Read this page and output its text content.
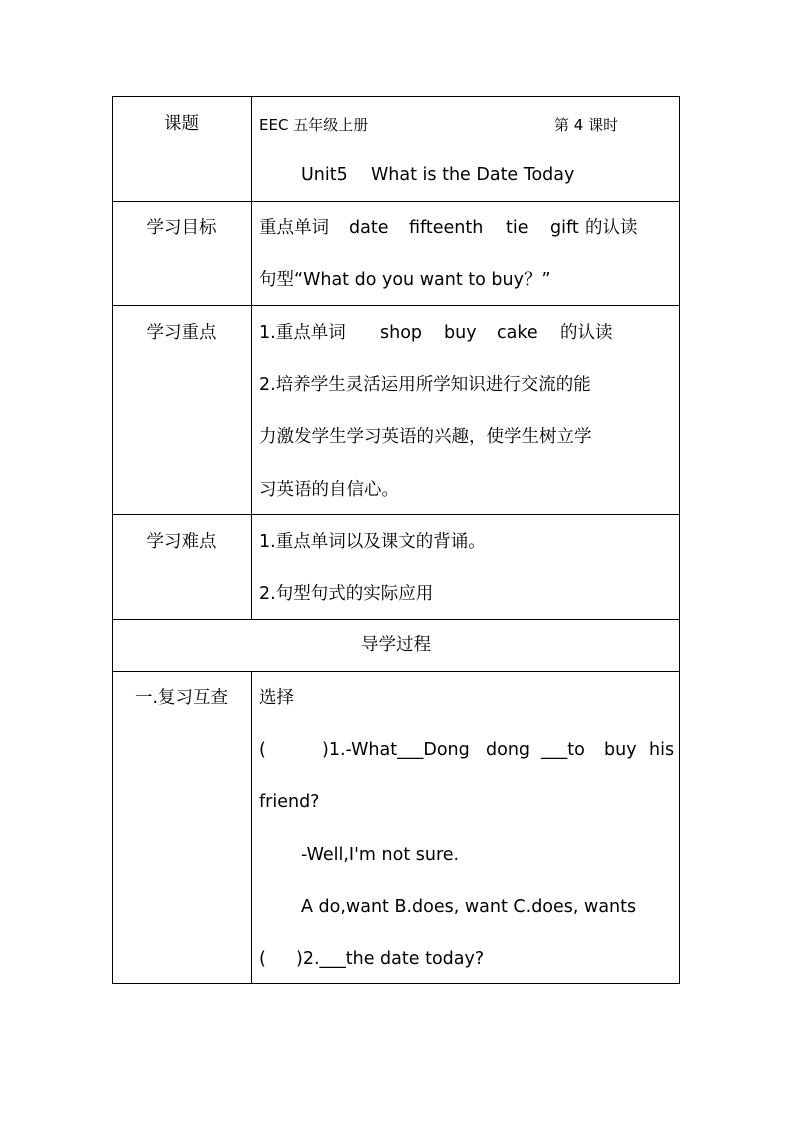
课题	EEC 五年级上册	第 4 课时
Unit5 What is the Date Today
学习目标	重点单词 date fifteenth tie gift 的认读
句型“What do you want to buy？”
学习重点	1.重点单词 shop buy cake 的认读
2.培养学生灵活运用所学知识进行交流的能
力激发学生学习英语的兴趣，使学生树立学
习英语的自信心。
学习难点	1.重点单词以及课文的背诵。
2.句型句式的实际应用
导学过程
一.复习互查	选择
(	)1.-What___Dong dong ___to buy his
friend?
-Well,I'm not sure.
A do,want B.does, want C.does, wants
( )2.___the date today?
